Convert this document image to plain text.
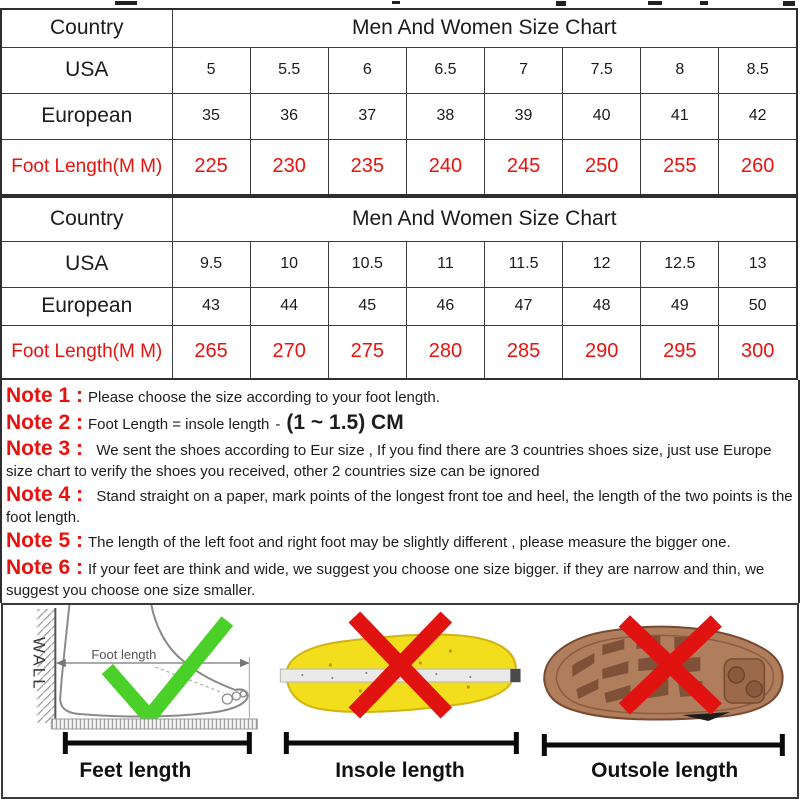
Country	Men And Women Size Chart							
USA	5	5.5	6	6.5	7	7.5	8	8.5
European	35	36	37	38	39	40	41	42
Foot Length(M M)	225	230	235	240	245	250	255	260
Country	Men And Women Size Chart							
USA	9.5	10	10.5	11	11.5	12	12.5	13
European	43	44	45	46	47	48	49	50
Foot Length(M M)	265	270	275	280	285	290	295	300
Note 1 : Please choose the size according to your foot length.
Note 2 : Foot Length = insole length - (1 ~ 1.5) CM
Note 3 :  We sent the shoes according to Eur size , If you find there are 3 countries shoes size, just use Europe size chart to verify the shoes you received, other 2 countries size can be ignored
Note 4 :  Stand straight on a paper, mark points of the longest front toe and heel, the length of the two points is the foot length.
Note 5 : The length of the left foot and right foot may be slightly different , please measure the bigger one.
Note 6 : If your feet are think and wide, we suggest you choose one size bigger. if they are narrow and thin, we suggest you choose one size smaller.
WALL	Foot length
Feet length	Insole length	Outsole length
